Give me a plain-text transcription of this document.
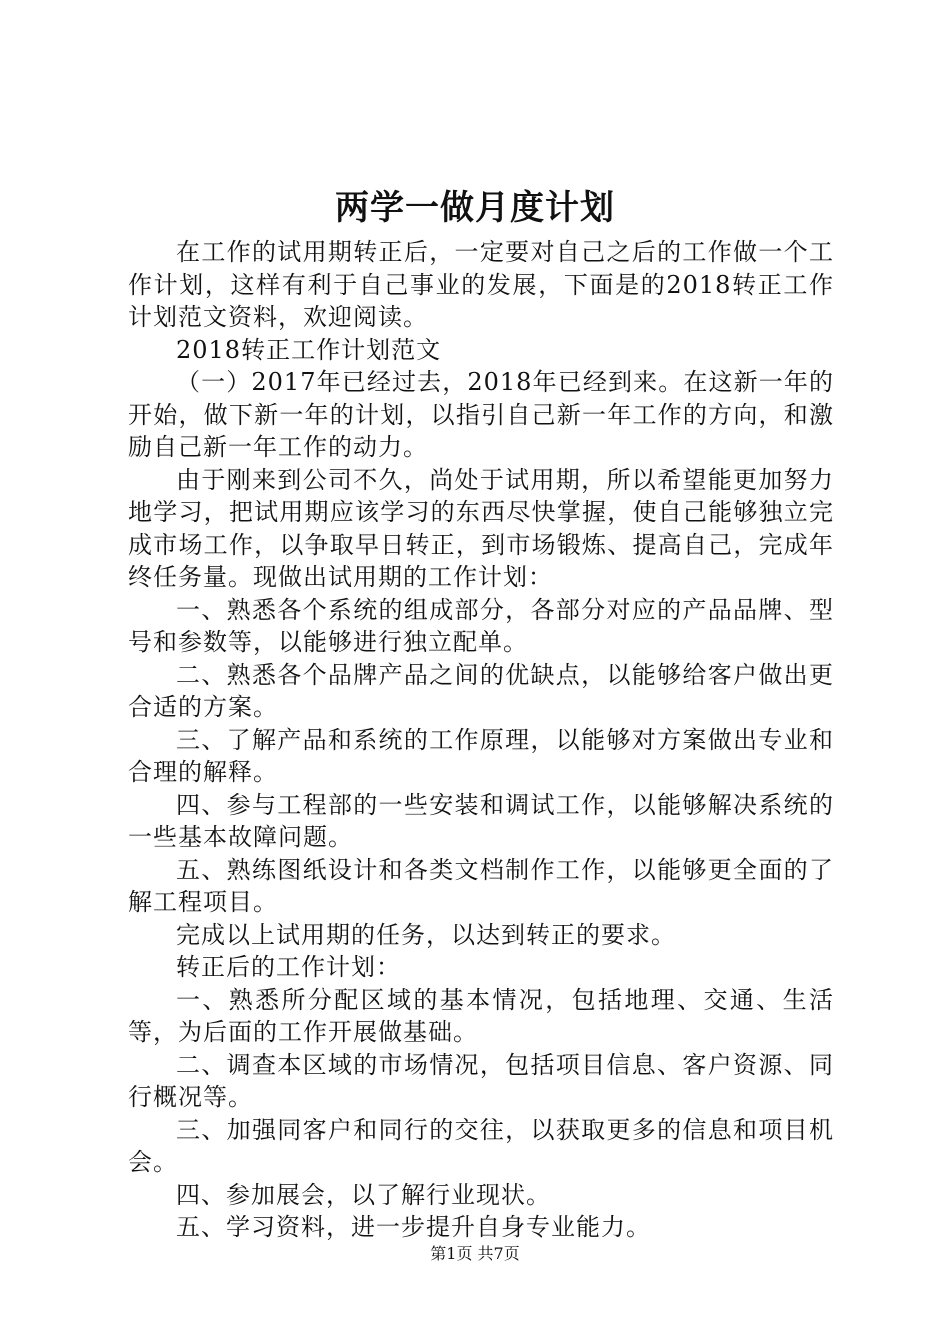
两学一做月度计划

在工作的试用期转正后，一定要对自己之后的工作做一个工作计划，这样有利于自己事业的发展，下面是的2018转正工作计划范文资料，欢迎阅读。

2018转正工作计划范文

（一）2017年已经过去，2018年已经到来。在这新一年的开始，做下新一年的计划，以指引自己新一年工作的方向，和激励自己新一年工作的动力。

由于刚来到公司不久，尚处于试用期，所以希望能更加努力地学习，把试用期应该学习的东西尽快掌握，使自己能够独立完成市场工作，以争取早日转正，到市场锻炼、提高自己，完成年终任务量。现做出试用期的工作计划：

一、熟悉各个系统的组成部分，各部分对应的产品品牌、型号和参数等，以能够进行独立配单。

二、熟悉各个品牌产品之间的优缺点，以能够给客户做出更合适的方案。

三、了解产品和系统的工作原理，以能够对方案做出专业和合理的解释。

四、参与工程部的一些安装和调试工作，以能够解决系统的一些基本故障问题。

五、熟练图纸设计和各类文档制作工作，以能够更全面的了解工程项目。

完成以上试用期的任务，以达到转正的要求。

转正后的工作计划：

一、熟悉所分配区域的基本情况，包括地理、交通、生活等，为后面的工作开展做基础。

二、调查本区域的市场情况，包括项目信息、客户资源、同行概况等。

三、加强同客户和同行的交往，以获取更多的信息和项目机会。

四、参加展会，以了解行业现状。

五、学习资料，进一步提升自身专业能力。

第1页 共7页
